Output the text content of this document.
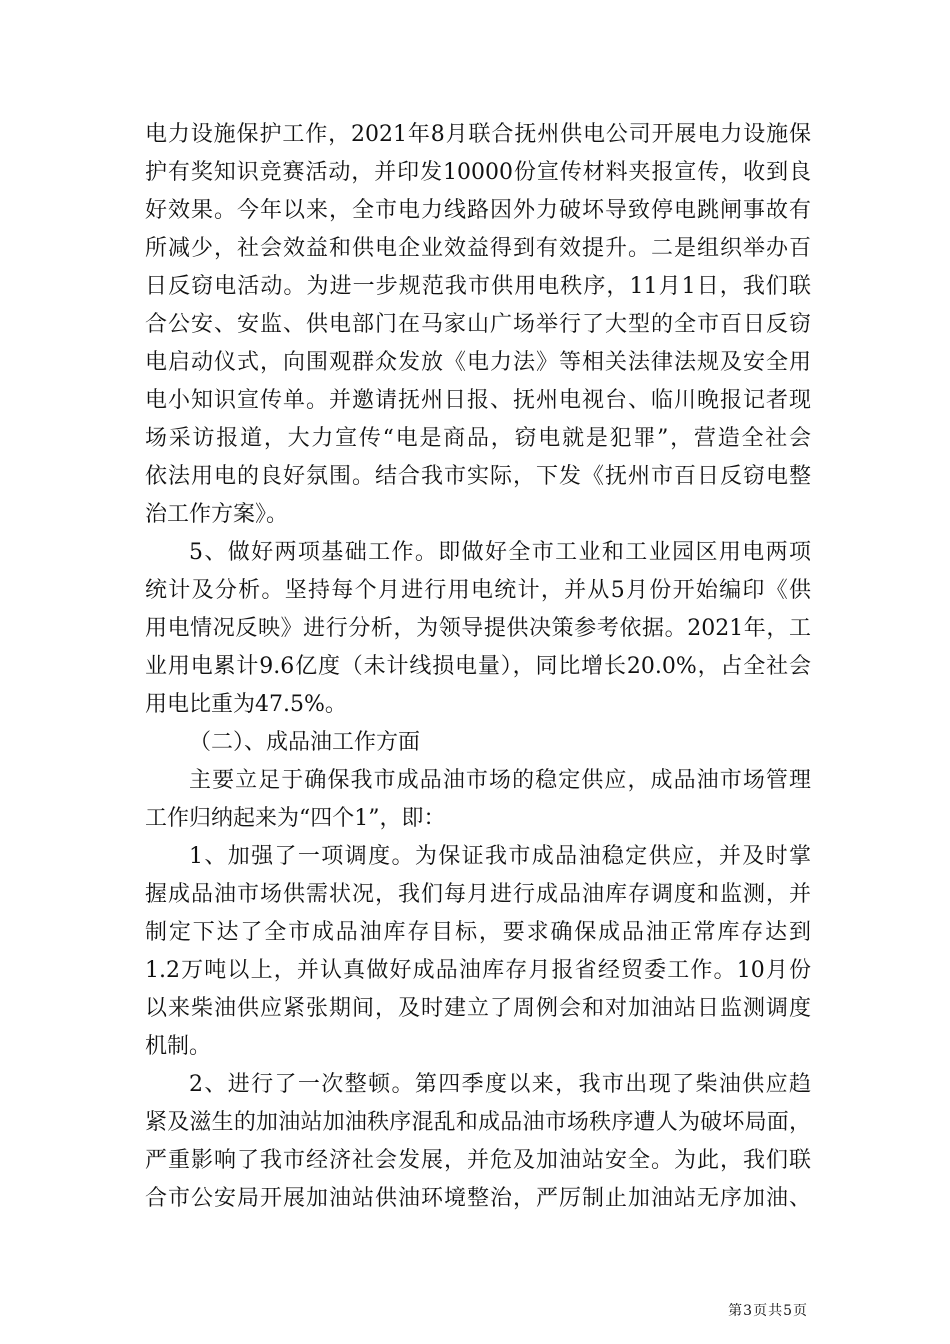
电力设施保护工作，2021年8月联合抚州供电公司开展电力设施保
护有奖知识竞赛活动，并印发10000份宣传材料夹报宣传，收到良
好效果。今年以来，全市电力线路因外力破坏导致停电跳闸事故有
所减少，社会效益和供电企业效益得到有效提升。二是组织举办百
日反窃电活动。为进一步规范我市供用电秩序，11月1日，我们联
合公安、安监、供电部门在马家山广场举行了大型的全市百日反窃
电启动仪式，向围观群众发放《电力法》等相关法律法规及安全用
电小知识宣传单。并邀请抚州日报、抚州电视台、临川晚报记者现
场采访报道，大力宣传“电是商品，窃电就是犯罪”，营造全社会
依法用电的良好氛围。结合我市实际，下发《抚州市百日反窃电整
治工作方案》。
5、做好两项基础工作。即做好全市工业和工业园区用电两项
统计及分析。坚持每个月进行用电统计，并从5月份开始编印《供
用电情况反映》进行分析，为领导提供决策参考依据。2021年，工
业用电累计9.6亿度（未计线损电量），同比增长20.0%，占全社会
用电比重为47.5%。
（二）、成品油工作方面
主要立足于确保我市成品油市场的稳定供应，成品油市场管理
工作归纳起来为“四个1”，即：
1、加强了一项调度。为保证我市成品油稳定供应，并及时掌
握成品油市场供需状况，我们每月进行成品油库存调度和监测，并
制定下达了全市成品油库存目标，要求确保成品油正常库存达到
1.2万吨以上，并认真做好成品油库存月报省经贸委工作。10月份
以来柴油供应紧张期间，及时建立了周例会和对加油站日监测调度
机制。
2、进行了一次整顿。第四季度以来，我市出现了柴油供应趋
紧及滋生的加油站加油秩序混乱和成品油市场秩序遭人为破坏局面，
严重影响了我市经济社会发展，并危及加油站安全。为此，我们联
合市公安局开展加油站供油环境整治，严厉制止加油站无序加油、
第3页共5页
